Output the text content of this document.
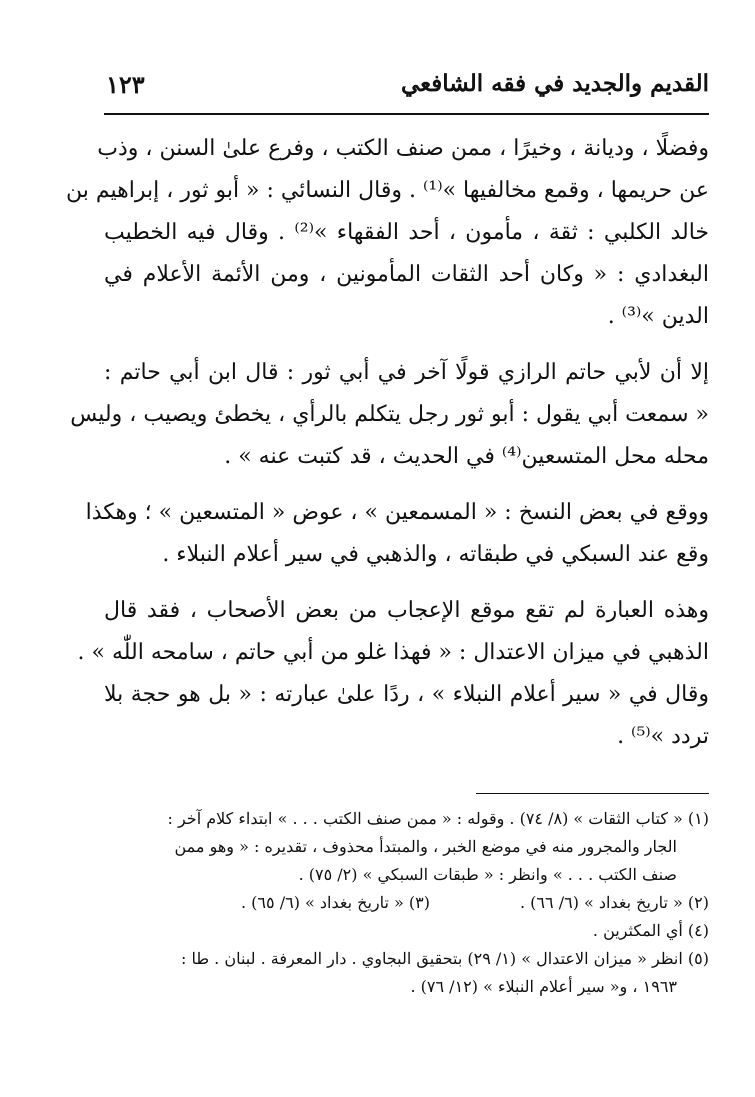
القديم والجديد في فقه الشافعي
١٢٣
وفضلًا ، وديانة ، وخيرًا ، ممن صنف الكتب ، وفرع علىٰ السنن ، وذب
عن حريمها ، وقمع مخالفيها »⁽¹⁾ . وقال النسائي : « أبو ثور ، إبراهيم بن
خالد الكلبي : ثقة ، مأمون ، أحد الفقهاء »⁽²⁾ . وقال فيه الخطيب
البغدادي : « وكان أحد الثقات المأمونين ، ومن الأئمة الأعلام في
الدين »⁽³⁾ .
إلا أن لأبي حاتم الرازي قولًا آخر في أبي ثور : قال ابن أبي حاتم :
« سمعت أبي يقول : أبو ثور رجل يتكلم بالرأي ، يخطئ ويصيب ، وليس
محله محل المتسعين⁽⁴⁾ في الحديث ، قد كتبت عنه » .
ووقع في بعض النسخ : « المسمعين » ، عوض « المتسعين » ؛ وهكذا
وقع عند السبكي في طبقاته ، والذهبي في سير أعلام النبلاء .
وهذه العبارة لم تقع موقع الإعجاب من بعض الأصحاب ، فقد قال
الذهبي في ميزان الاعتدال : « فهذا غلو من أبي حاتم ، سامحه اللّٰه » .
وقال في « سير أعلام النبلاء » ، ردًا علىٰ عبارته : « بل هو حجة بلا
تردد »⁽⁵⁾ .
(١) « كتاب الثقات » (٨/ ٧٤) . وقوله : « ممن صنف الكتب . . . » ابتداء كلام آخر :
الجار والمجرور منه في موضع الخبر ، والمبتدأ محذوف ، تقديره : « وهو ممن
صنف الكتب . . . » وانظر : « طبقات السبكي » (٢/ ٧٥) .
(٢) « تاريخ بغداد » (٦/ ٦٦) .
(٣) « تاريخ بغداد » (٦/ ٦٥) .
(٤) أي المكثرين .
(٥) انظر « ميزان الاعتدال » (١/ ٢٩) بتحقيق البجاوي . دار المعرفة . لبنان . طا :
١٩٦٣ ، و« سير أعلام النبلاء » (١٢/ ٧٦) .
